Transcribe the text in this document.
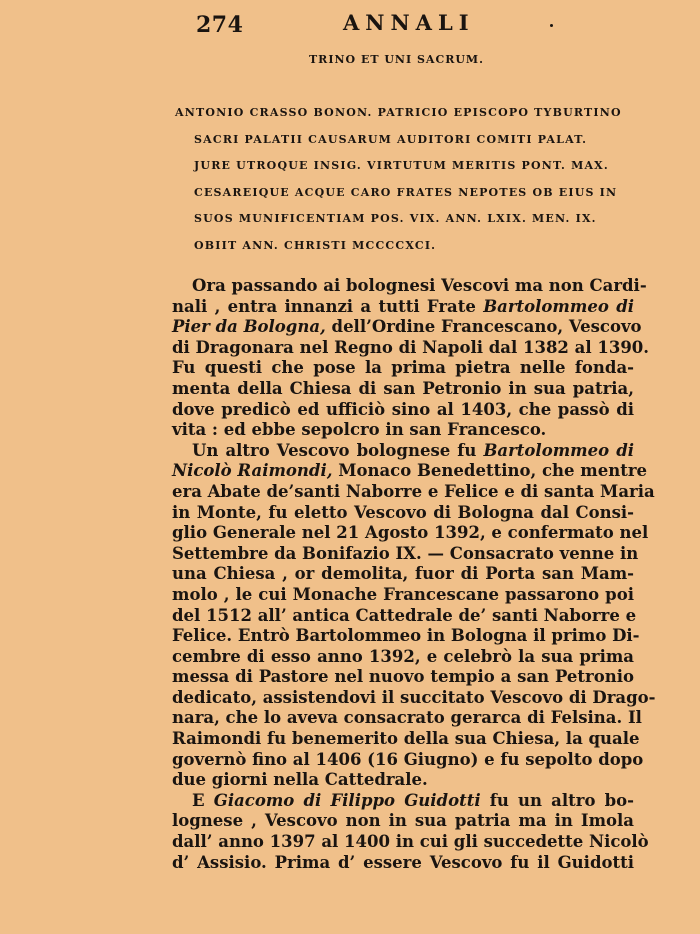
274	ANNALI
TRINO ET UNI SACRUM.
ANTONIO CRASSO BONON. PATRICIO EPISCOPO TYBURTINO
SACRI PALATII CAUSARUM AUDITORI COMITI PALAT.
JURE UTROQUE INSIG. VIRTUTUM MERITIS PONT. MAX.
CESAREIQUE ACQUE CARO FRATES NEPOTES OB EIUS IN
SUOS MUNIFICENTIAM POS. VIX. ANN. LXIX. MEN. IX.
OBIIT ANN. CHRISTI MCCCCXCI.
Ora passando ai bolognesi Vescovi ma non Cardi-
nali , entra innanzi a tutti Frate Bartolommeo di
Pier da Bologna, dell’Ordine Francescano, Vescovo
di Dragonara nel Regno di Napoli dal 1382 al 1390.
Fu questi che pose la prima pietra nelle fonda-
menta della Chiesa di san Petronio in sua patria,
dove predicò ed ufficiò sino al 1403, che passò di
vita : ed ebbe sepolcro in san Francesco.
Un altro Vescovo bolognese fu Bartolommeo di
Nicolò Raimondi, Monaco Benedettino, che mentre
era Abate de’santi Naborre e Felice e di santa Maria
in Monte, fu eletto Vescovo di Bologna dal Consi-
glio Generale nel 21 Agosto 1392, e confermato nel
Settembre da Bonifazio IX. — Consacrato venne in
una Chiesa , or demolita, fuor di Porta san Mam-
molo , le cui Monache Francescane passarono poi
del 1512 all’ antica Cattedrale de’ santi Naborre e
Felice. Entrò Bartolommeo in Bologna il primo Di-
cembre di esso anno 1392, e celebrò la sua prima
messa di Pastore nel nuovo tempio a san Petronio
dedicato, assistendovi il succitato Vescovo di Drago-
nara, che lo aveva consacrato gerarca di Felsina. Il
Raimondi fu benemerito della sua Chiesa, la quale
governò fino al 1406 (16 Giugno) e fu sepolto dopo
due giorni nella Cattedrale.
E Giacomo di Filippo Guidotti fu un altro bo-
lognese , Vescovo non in sua patria ma in Imola
dall’ anno 1397 al 1400 in cui gli succedette Nicolò
d’ Assisio. Prima d’ essere Vescovo fu il Guidotti
